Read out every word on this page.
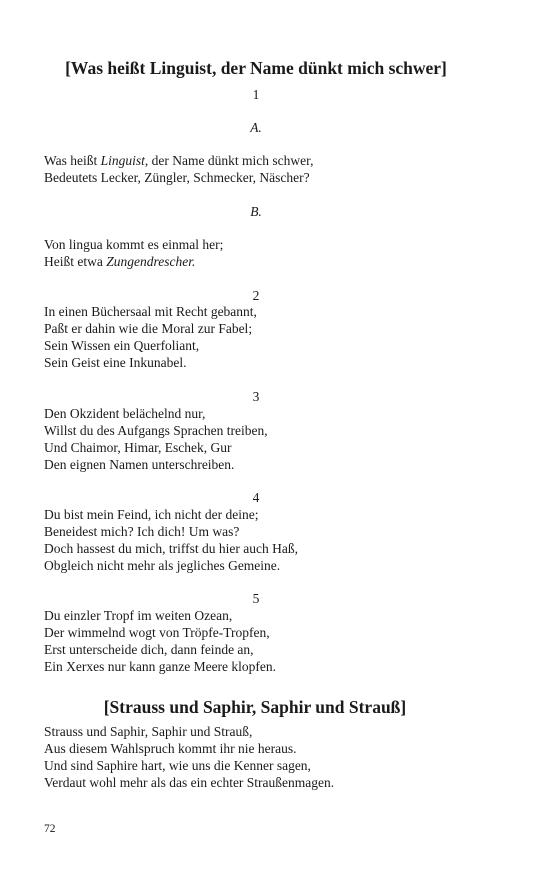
[Was heißt Linguist, der Name dünkt mich schwer]
1
A.
Was heißt Linguist, der Name dünkt mich schwer,
Bedeutets Lecker, Züngler, Schmecker, Näscher?
B.
Von lingua kommt es einmal her;
Heißt etwa Zungendrescher.
2
In einen Büchersaal mit Recht gebannt,
Paßt er dahin wie die Moral zur Fabel;
Sein Wissen ein Querfoliant,
Sein Geist eine Inkunabel.
3
Den Okzident belächelnd nur,
Willst du des Aufgangs Sprachen treiben,
Und Chaimor, Himar, Eschek, Gur
Den eignen Namen unterschreiben.
4
Du bist mein Feind, ich nicht der deine;
Beneidest mich? Ich dich! Um was?
Doch hassest du mich, triffst du hier auch Haß,
Obgleich nicht mehr als jegliches Gemeine.
5
Du einzler Tropf im weiten Ozean,
Der wimmelnd wogt von Tröpfe-Tropfen,
Erst unterscheide dich, dann feinde an,
Ein Xerxes nur kann ganze Meere klopfen.
[Strauss und Saphir, Saphir und Strauß]
Strauss und Saphir, Saphir und Strauß,
Aus diesem Wahlspruch kommt ihr nie heraus.
Und sind Saphire hart, wie uns die Kenner sagen,
Verdaut wohl mehr als das ein echter Straußenmagen.
72
